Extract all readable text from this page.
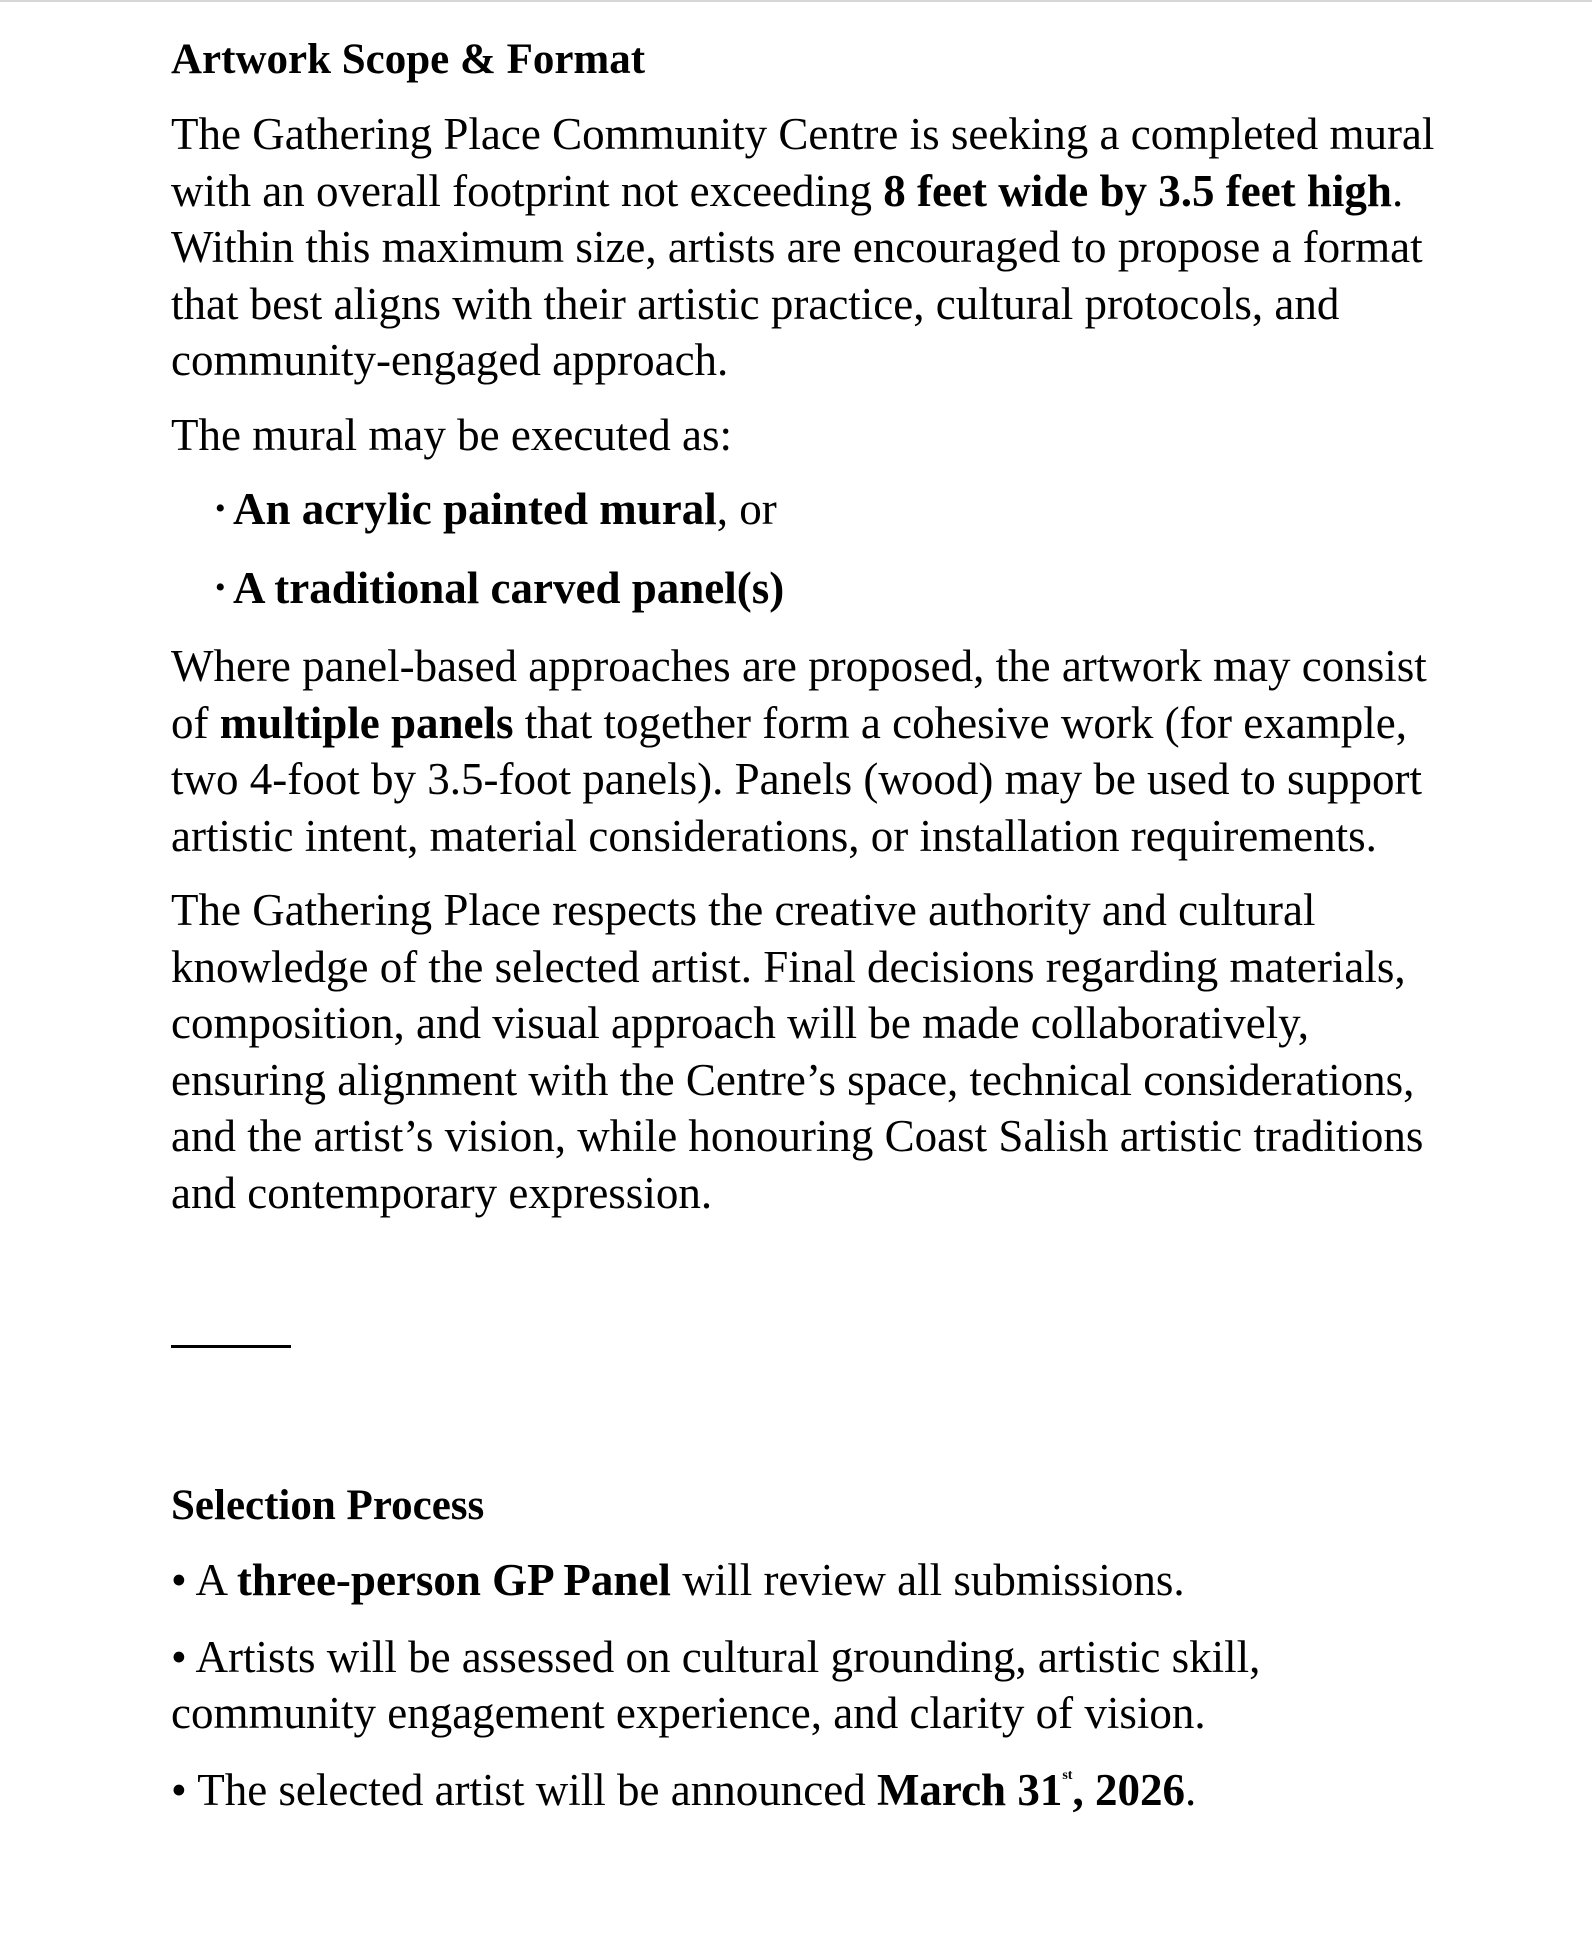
Artwork Scope & Format

The Gathering Place Community Centre is seeking a completed mural with an overall footprint not exceeding 8 feet wide by 3.5 feet high. Within this maximum size, artists are encouraged to propose a format that best aligns with their artistic practice, cultural protocols, and community-engaged approach.

The mural may be executed as:

• An acrylic painted mural, or
• A traditional carved panel(s)

Where panel-based approaches are proposed, the artwork may consist of multiple panels that together form a cohesive work (for example, two 4-foot by 3.5-foot panels). Panels (wood) may be used to support artistic intent, material considerations, or installation requirements.

The Gathering Place respects the creative authority and cultural knowledge of the selected artist. Final decisions regarding materials, composition, and visual approach will be made collaboratively, ensuring alignment with the Centre’s space, technical considerations, and the artist’s vision, while honouring Coast Salish artistic traditions and contemporary expression.

Selection Process

• A three-person GP Panel will review all submissions.

• Artists will be assessed on cultural grounding, artistic skill, community engagement experience, and clarity of vision.

• The selected artist will be announced March 31st, 2026.
